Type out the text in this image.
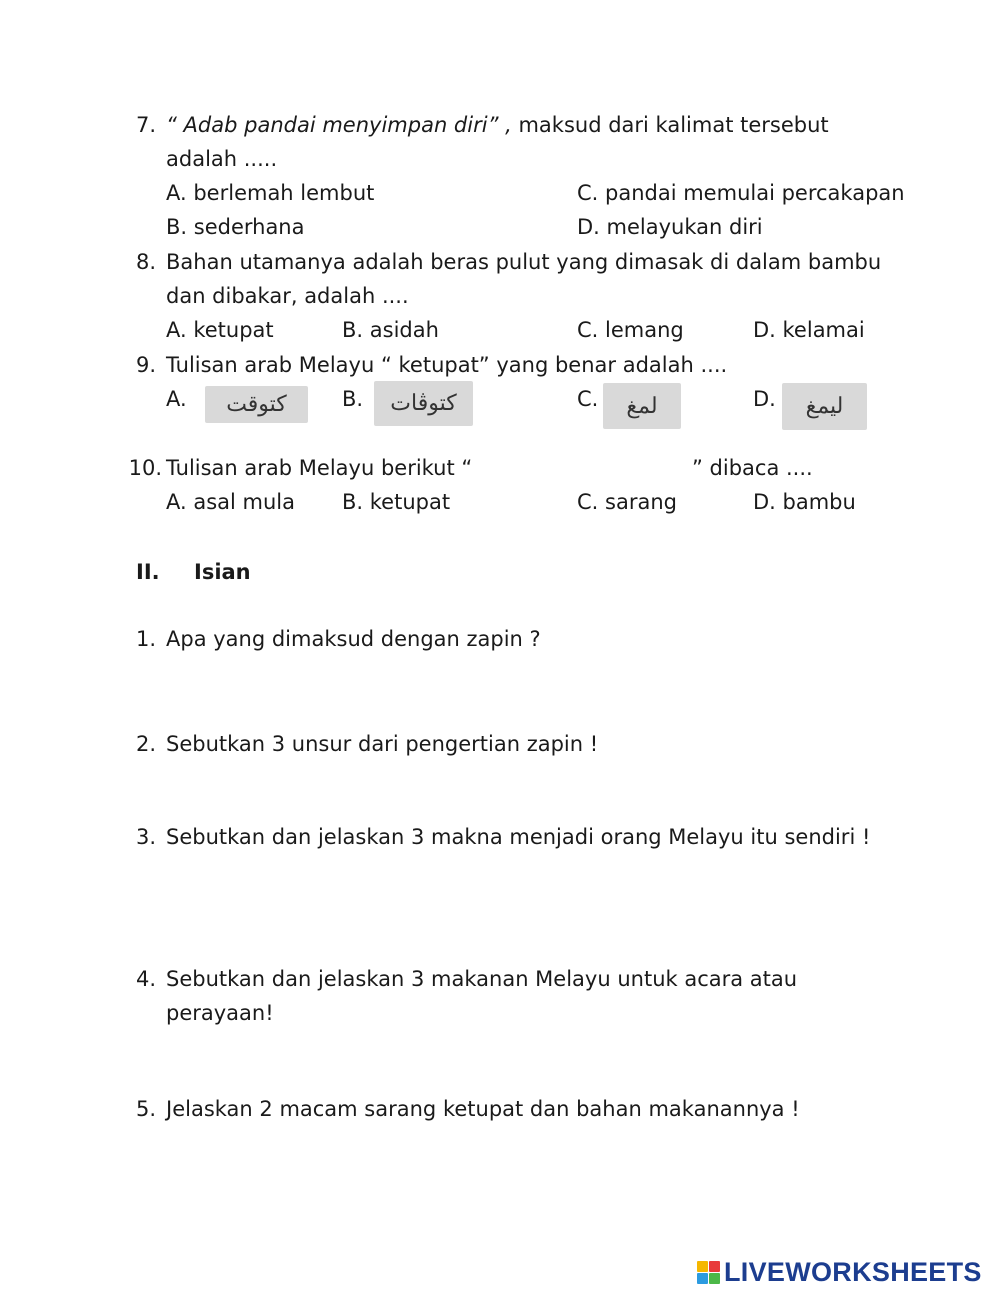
7. “ Adab pandai menyimpan diri” , maksud dari kalimat tersebut
adalah .....
A. berlemah lembut	C. pandai memulai percakapan
B. sederhana	D. melayukan diri
8. Bahan utamanya adalah beras pulut yang dimasak di dalam bambu
dan dibakar, adalah ....
A. ketupat	B. asidah	C. lemang	D. kelamai
9. Tulisan arab Melayu “ ketupat” yang benar adalah ....
A.	كتوقت	B.	كتوڤات	C.	لمغ	D.	ليمغ
10. Tulisan arab Melayu berikut “	” dibaca ....
A. asal mula B. ketupat	C. sarang	D. bambu
II. Isian
1. Apa yang dimaksud dengan zapin ?
2. Sebutkan 3 unsur dari pengertian zapin !
3. Sebutkan dan jelaskan 3 makna menjadi orang Melayu itu sendiri !
4. Sebutkan dan jelaskan 3 makanan Melayu untuk acara atau
perayaan!
5. Jelaskan 2 macam sarang ketupat dan bahan makanannya !
LIVEWORKSHEETS
